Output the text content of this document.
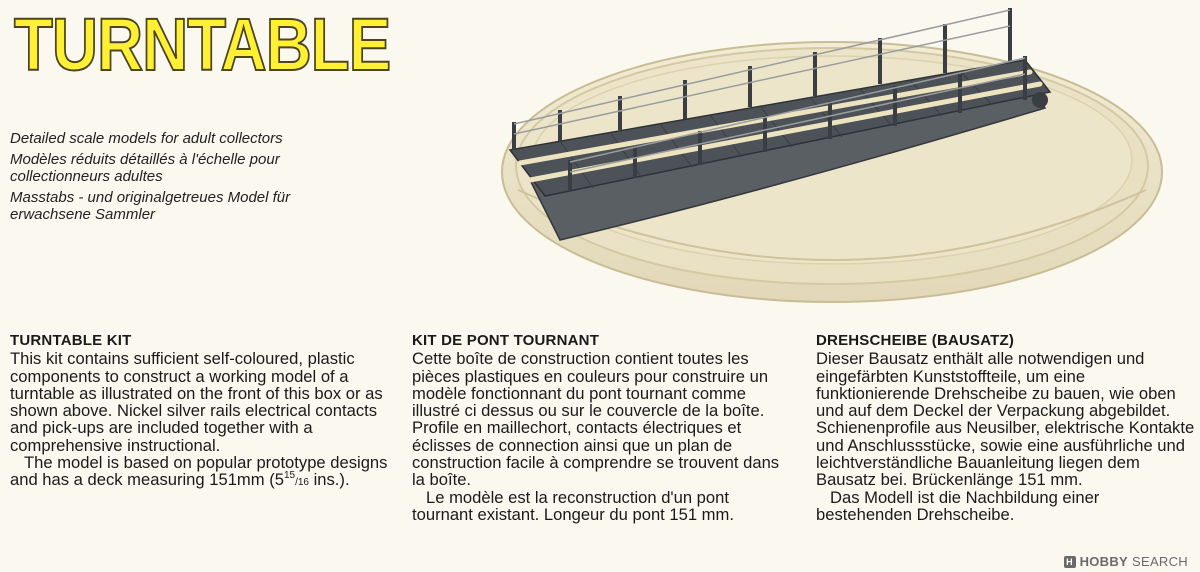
TURNTABLE

Detailed scale models for adult collectors

Modèles réduits détaillés à l'échelle pour collectionneurs adultes

Masstabs - und originalgetreues Model für erwachsene Sammler

TURNTABLE KIT

This kit contains sufficient self-coloured, plastic components to construct a working model of a turntable as illustrated on the front of this box or as shown above. Nickel silver rails electrical contacts and pick-ups are included together with a comprehensive instructional.

The model is based on popular prototype designs and has a deck measuring 151mm ($5^{15}/16$ ins.).

KIT DE PONT TOURNANT

Cette boîte de construction contient toutes les pièces plastiques en couleurs pour construire un modèle fonctionnant du pont tournant comme illustré ci dessus ou sur le couvercle de la boîte. Profile en maillechort, contacts électriques et éclisses de connection ainsi que un plan de construction facile à comprendre se trouvent dans la boîte.

Le modèle est la reconstruction d'un pont tournant existant. Longeur du pont 151 mm.

DREHSCHEIBE (BAUSATZ)

Dieser Bausatz enthält alle notwendigen und eingefärbten Kunststoffteile, um eine funktionierende Drehscheibe zu bauen, wie oben und auf dem Deckel der Verpackung abgebildet. Schienenprofile aus Neusilber, elektrische Kontakte und Anschlussstücke, sowie eine ausführliche und leichtverständliche Bauanleitung liegen dem Bausatz bei. Brückenlänge 151 mm.

Das Modell ist die Nachbildung einer bestehenden Drehscheibe.

H HOBBY SEARCH
